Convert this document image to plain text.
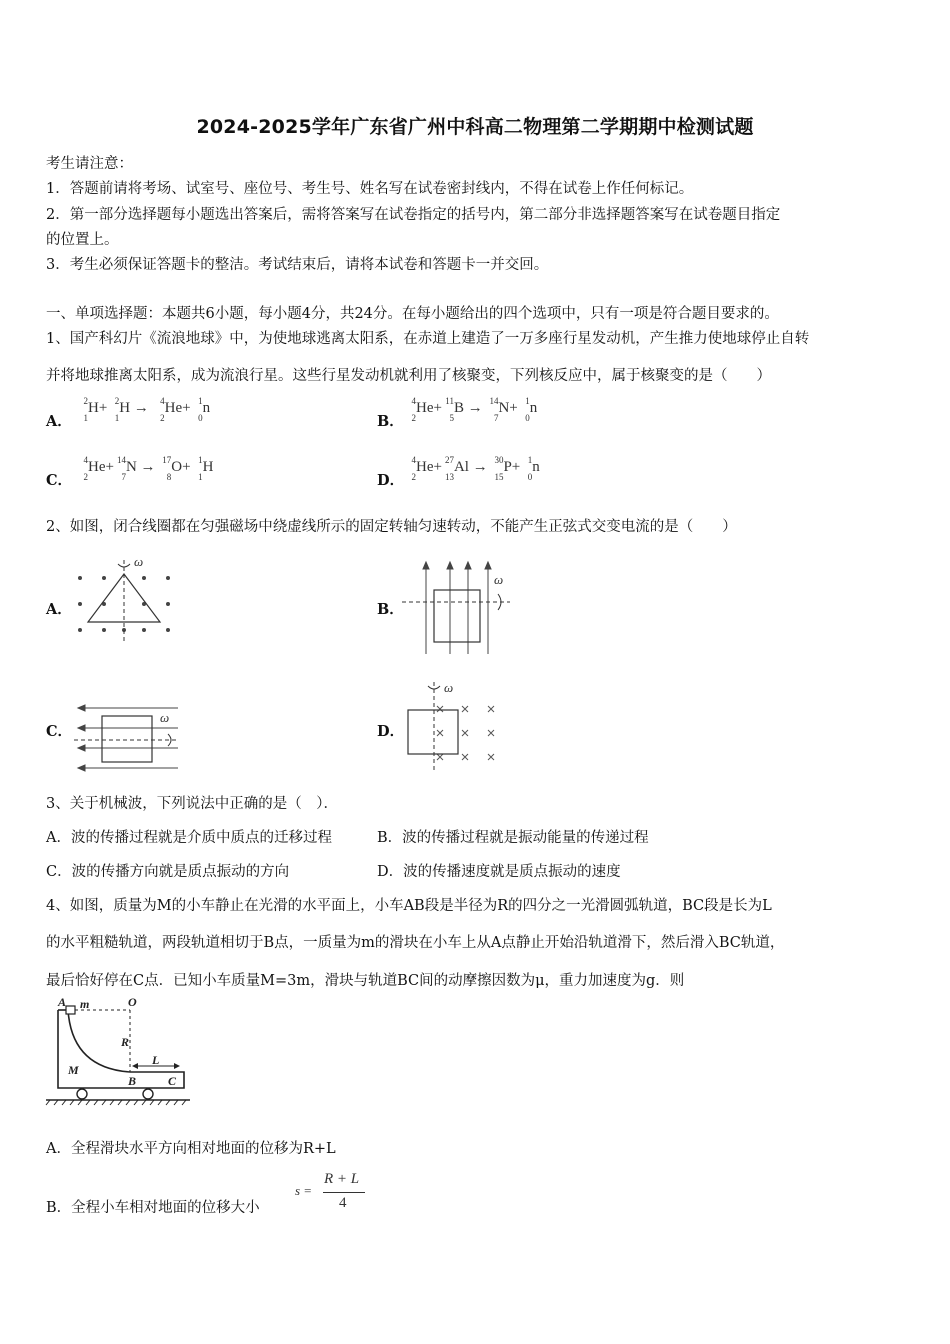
2024-2025学年广东省广州中科高二物理第二学期期中检测试题
考生请注意：
1．答题前请将考场、试室号、座位号、考生号、姓名写在试卷密封线内，不得在试卷上作任何标记。
2．第一部分选择题每小题选出答案后，需将答案写在试卷指定的括号内，第二部分非选择题答案写在试卷题目指定
的位置上。
3．考生必须保证答题卡的整洁。考试结束后，请将本试卷和答题卡一并交回。
一、单项选择题：本题共6小题，每小题4分，共24分。在每小题给出的四个选项中，只有一项是符合题目要求的。
1、国产科幻片《流浪地球》中，为使地球逃离太阳系，在赤道上建造了一万多座行星发动机，产生推力使地球停止自转
并将地球推离太阳系，成为流浪行星。这些行星发动机就利用了核聚变，下列核反应中，属于核聚变的是（　　）
A．
2
1
H+ 2
1
H → 4
2
He+ 1
0
n
B．
4
2
He+ 11
5
B → 14
7
N+ 1
0
n
C．
4
2
He+ 14
7
N → 17
8
O+ 1
1
H
D．
4
2
He+ 27
13
Al → 30
15
P+ 1
0
n
2、如图，闭合线圈都在匀强磁场中绕虚线所示的固定转轴匀速转动，不能产生正弦式交变电流的是（　　）
A．
ω
B．
ω
C．
ω
D．
ω
3、关于机械波，下列说法中正确的是（　）．
A．波的传播过程就是介质中质点的迁移过程	B．波的传播过程就是振动能量的传递过程
C．波的传播方向就是质点振动的方向	D．波的传播速度就是质点振动的速度
4、如图，质量为M的小车静止在光滑的水平面上，小车AB段是半径为R的四分之一光滑圆弧轨道，BC段是长为L
的水平粗糙轨道，两段轨道相切于B点，一质量为m的滑块在小车上从A点静止开始沿轨道滑下，然后滑入BC轨道，
最后恰好停在C点．已知小车质量M=3m，滑块与轨道BC间的动摩擦因数为μ，重力加速度为g．则
A m	O
R
L
M
B	C
A．全程滑块水平方向相对地面的位移为R+L
B．全程小车相对地面的位移大小
s =
R + L
4
